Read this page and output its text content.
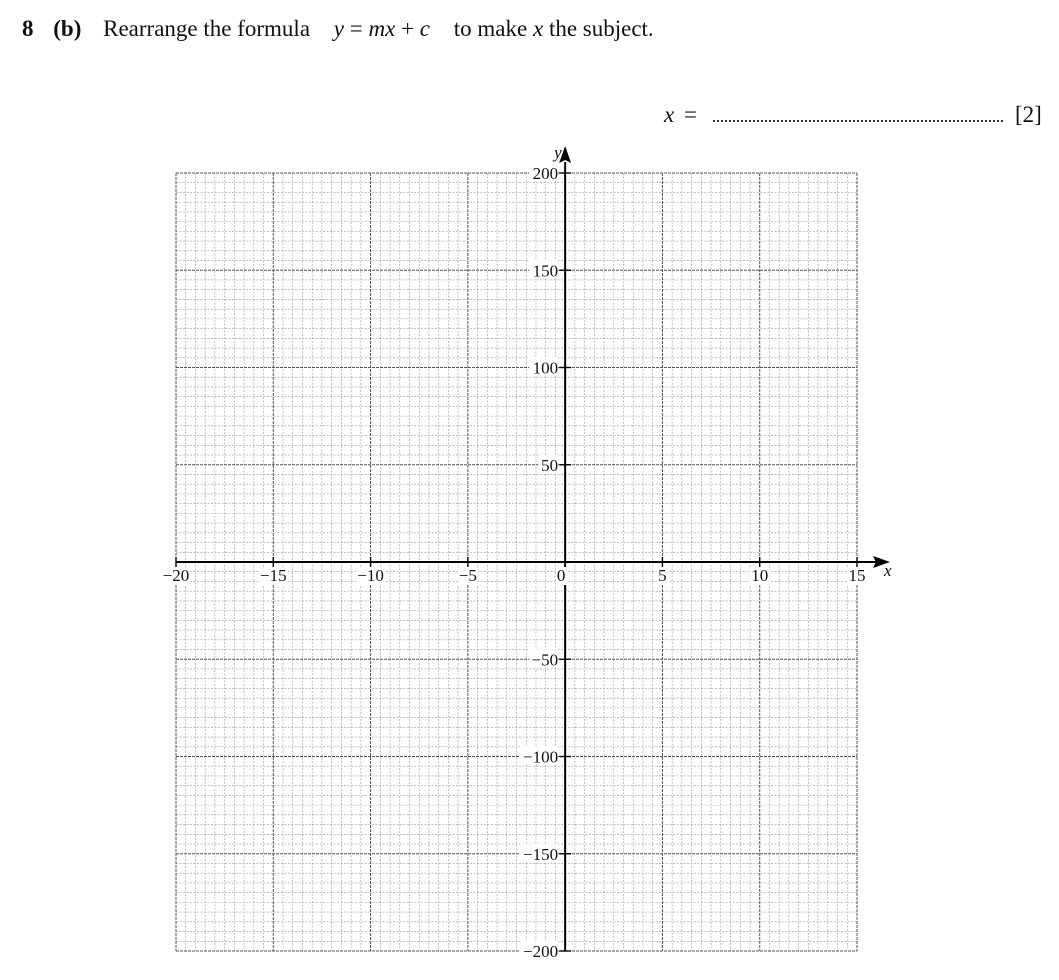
8 (b) Rearrange the formula y = mx + c to make x the subject.
x =	[2]
x
y
−20	−15	−10	−5	0	5	10	15
200
150
100
50
−50
−100
−150
−200
